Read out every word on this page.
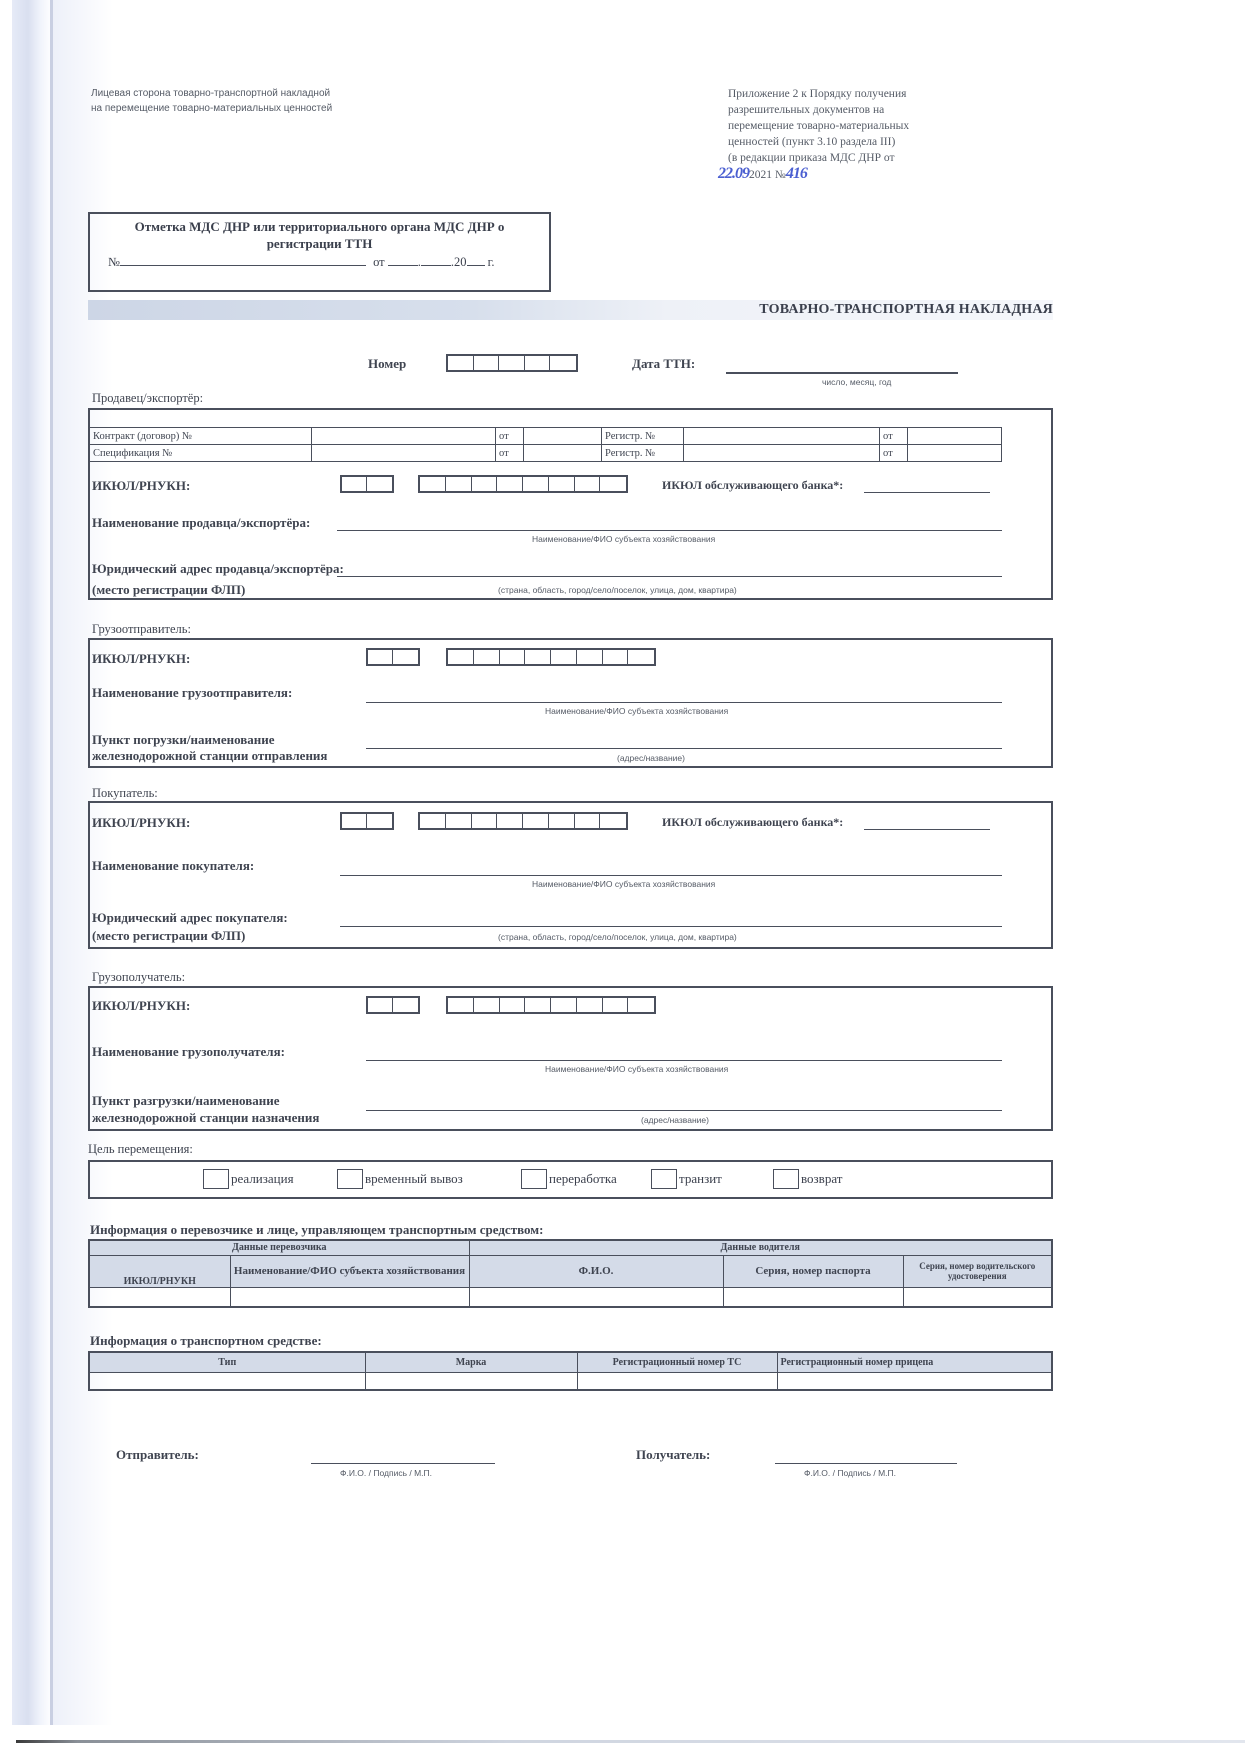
Лицевая сторона товарно-транспортной накладной
на перемещение товарно-материальных ценностей
Приложение 2 к Порядку получения
разрешительных документов на
перемещение товарно-материальных
ценностей (пункт 3.10 раздела III)
(в редакции приказа МДС ДНР от
22.092021 №416
Отметка МДС ДНР или территориального органа МДС ДНР о
регистрации ТТН
№	от	. .20 г.
ТОВАРНО-ТРАНСПОРТНАЯ НАКЛАДНАЯ
Номер	Дата ТТН:
число, месяц, год
Продавец/экспортёр:
Контракт (договор) №		от		Регистр. №		от	
Спецификация №		от		Регистр. №		от	
ИКЮЛ/РНУКН:	ИКЮЛ обслуживающего банка*:
Наименование продавца/экспортёра:
Наименование/ФИО субъекта хозяйствования
Юридический адрес продавца/экспортёра:
(место регистрации ФЛП)	(страна, область, город/село/поселок, улица, дом, квартира)
Грузоотправитель:
ИКЮЛ/РНУКН:
Наименование грузоотправителя:
Наименование/ФИО субъекта хозяйствования
Пункт погрузки/наименование
железнодорожной станции отправления	(адрес/название)
Покупатель:
ИКЮЛ/РНУКН:	ИКЮЛ обслуживающего банка*:
Наименование покупателя:
Наименование/ФИО субъекта хозяйствования
Юридический адрес покупателя:
(место регистрации ФЛП)	(страна, область, город/село/поселок, улица, дом, квартира)
Грузополучатель:
ИКЮЛ/РНУКН:
Наименование грузополучателя:
Наименование/ФИО субъекта хозяйствования
Пункт разгрузки/наименование
железнодорожной станции назначения	(адрес/название)
Цель перемещения:
реализация	временный вывоз	переработка	транзит	возврат
Информация о перевозчике и лице, управляющем транспортным средством:
Данные перевозчика		Данные водителя		
ИКЮЛ/РНУКН	Наименование/ФИО субъекта хозяйствования	Ф.И.О.	Серия, номер паспорта	Серия, номер водительского удостоверения

Информация о транспортном средстве:
Тип	Марка	Регистрационный номер ТС	Регистрационный номер прицепа

Отправитель:
Ф.И.О. / Подпись / М.П.
Получатель:
Ф.И.О. / Подпись / М.П.
